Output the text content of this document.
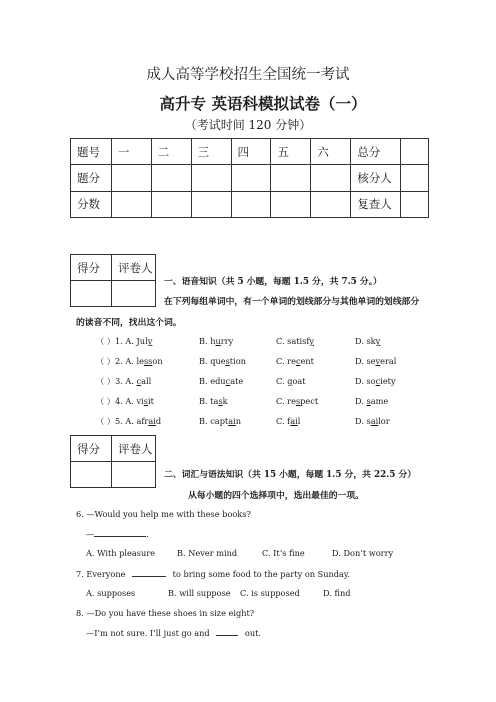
成人高等学校招生全国统一考试
高升专 英语科模拟试卷（一）
（考试时间 120 分钟）
题号	一	二	三	四	五	六	总分	
题分							核分人	
分数							复查人	
得分	评卷人

一、语音知识（共 5 小题，每题 1.5 分，共 7.5 分。）
在下列每组单词中，有一个单词的划线部分与其他单词的划线部分
的读音不同，找出这个词。
（ ）1. A. July	B. hurry	C. satisfy	D. sky
（ ）2. A. lesson	B. question	C. recent	D. several
（ ）3. A. call	B. educate	C. goat	D. society
（ ）4. A. visit	B. task	C. respect	D. same
（ ）5. A. afraid	B. captain	C. fail	D. sailor
得分	评卷人

二、词汇与语法知识（共 15 小题，每题 1.5 分，共 22.5 分）
从每小题的四个选择项中，选出最佳的一项。
6. —Would you help me with these books?
—	.
A. With pleasure	B. Never mind	C. It’s fine	D. Don’t worry
7. Everyone	to bring some food to the party on Sunday.
A. supposes	B. will suppose C. is supposed	D. find
8. —Do you have these shoes in size eight?
—I’m not sure. I’ll just go and	out.
